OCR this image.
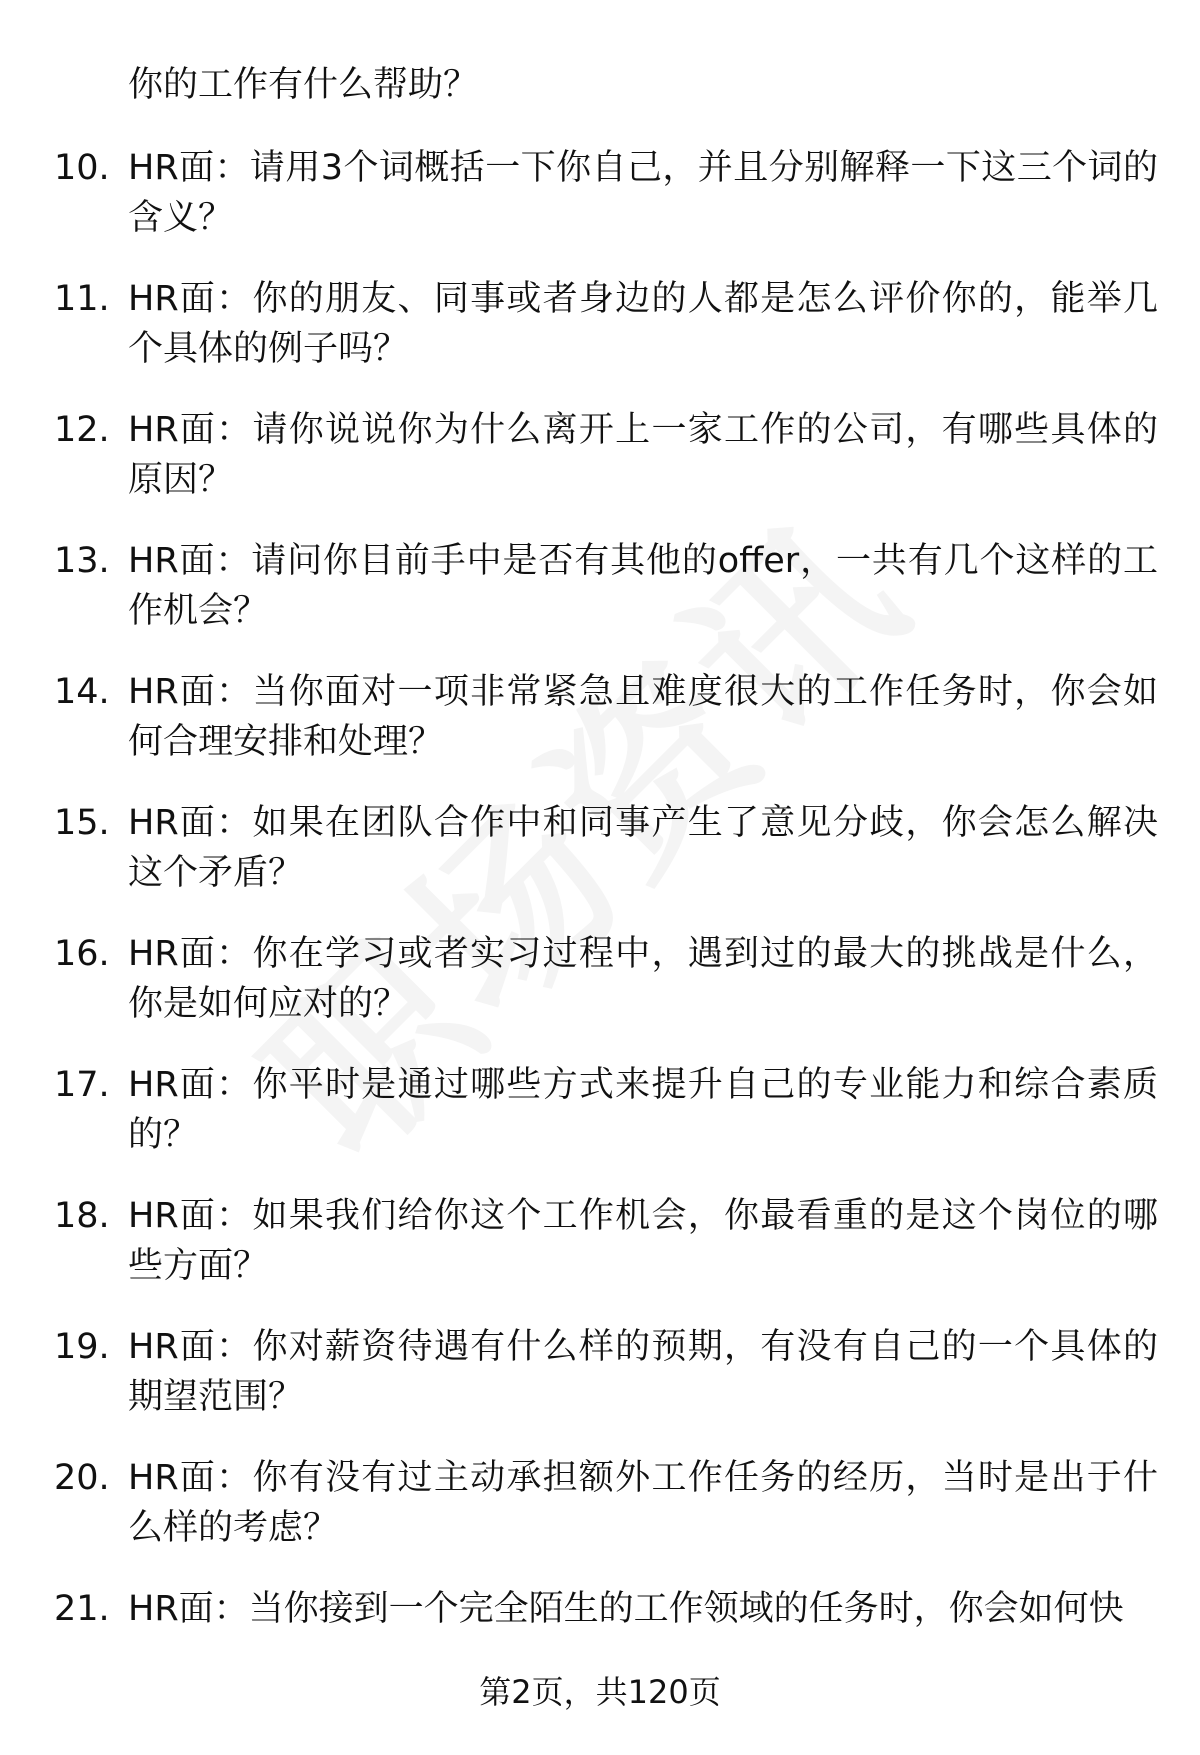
你的工作有什么帮助？
10. HR面：请用3个词概括一下你自己，并且分别解释一下这三个词的含义？
11. HR面：你的朋友、同事或者身边的人都是怎么评价你的，能举几个具体的例子吗？
12. HR面：请你说说你为什么离开上一家工作的公司，有哪些具体的原因？
13. HR面：请问你目前手中是否有其他的offer，一共有几个这样的工作机会？
14. HR面：当你面对一项非常紧急且难度很大的工作任务时，你会如何合理安排和处理？
15. HR面：如果在团队合作中和同事产生了意见分歧，你会怎么解决这个矛盾？
16. HR面：你在学习或者实习过程中，遇到过的最大的挑战是什么，你是如何应对的？
17. HR面：你平时是通过哪些方式来提升自己的专业能力和综合素质的？
18. HR面：如果我们给你这个工作机会，你最看重的是这个岗位的哪些方面？
19. HR面：你对薪资待遇有什么样的预期，有没有自己的一个具体的期望范围？
20. HR面：你有没有过主动承担额外工作任务的经历，当时是出于什么样的考虑？
21. HR面：当你接到一个完全陌生的工作领域的任务时，你会如何快
第2页，共120页
